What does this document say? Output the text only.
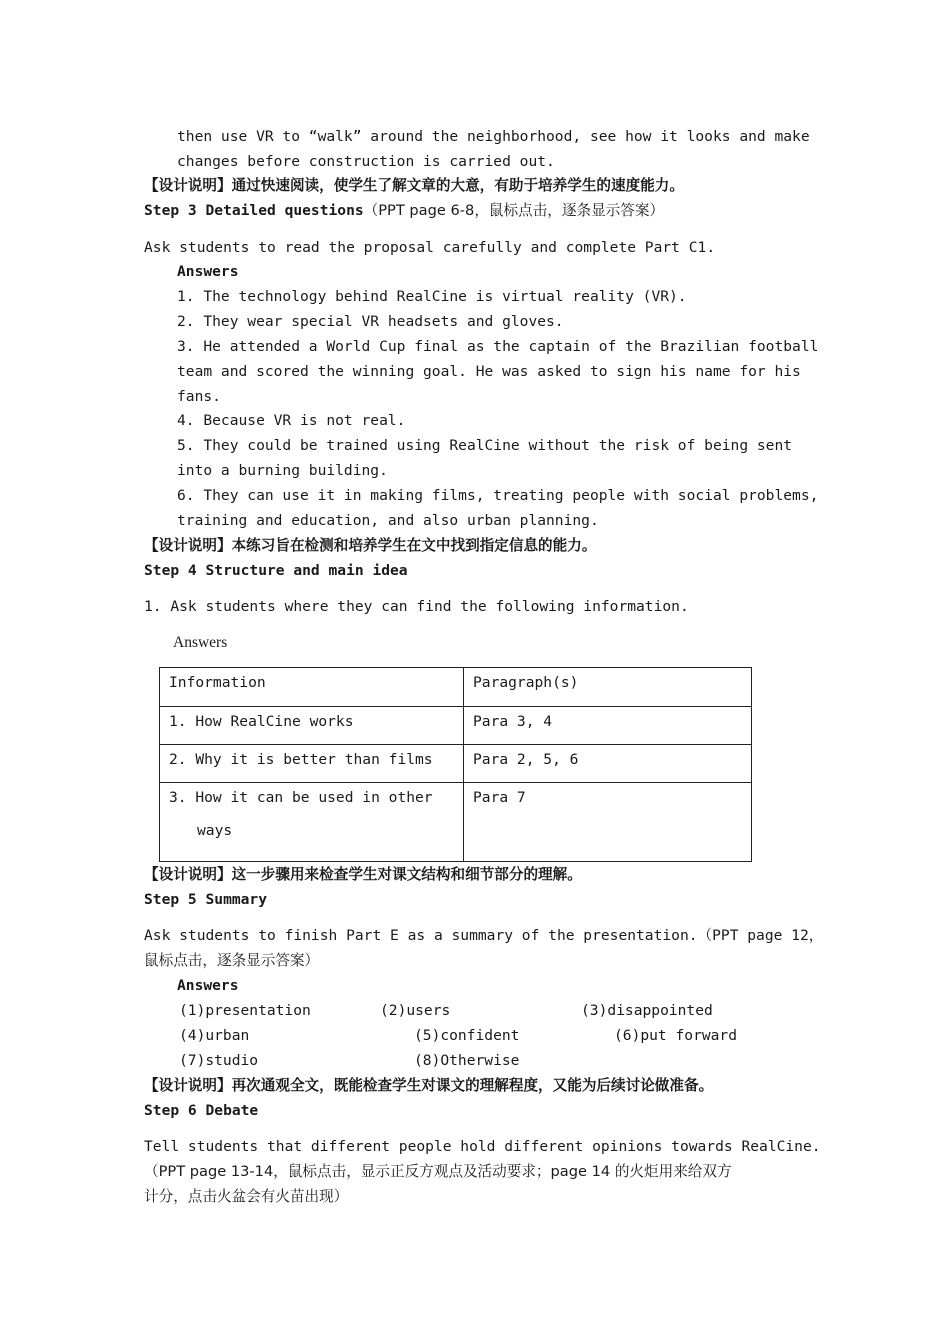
then use VR to “walk” around the neighborhood, see how it looks and make
changes before construction is carried out.
【设计说明】通过快速阅读，使学生了解文章的大意，有助于培养学生的速度能力。
Step 3 Detailed questions（PPT page 6-8，鼠标点击，逐条显示答案）
Ask students to read the proposal carefully and complete Part C1.
Answers
1. The technology behind RealCine is virtual reality (VR).
2. They wear special VR headsets and gloves.
3. He attended a World Cup final as the captain of the Brazilian football
team and scored the winning goal. He was asked to sign his name for his
fans.
4. Because VR is not real.
5. They could be trained using RealCine without the risk of being sent
into a burning building.
6. They can use it in making films, treating people with social problems,
training and education, and also urban planning.
【设计说明】本练习旨在检测和培养学生在文中找到指定信息的能力。
Step 4 Structure and main idea
1. Ask students where they can find the following information.
Answers
Information	Paragraph(s)
1. How RealCine works	Para 3, 4
2. Why it is better than films	Para 2, 5, 6
3. How it can be used in other
ways	Para 7
【设计说明】这一步骤用来检查学生对课文结构和细节部分的理解。
Step 5 Summary
Ask students to finish Part E as a summary of the presentation.（PPT page 12，
鼠标点击，逐条显示答案）
Answers
(1)presentation	(2)users	(3)disappointed
(4)urban	(5)confident	(6)put forward
(7)studio	(8)Otherwise
【设计说明】再次通观全文，既能检查学生对课文的理解程度，又能为后续讨论做准备。
Step 6 Debate
Tell students that different people hold different opinions towards RealCine.
（PPT page 13-14，鼠标点击，显示正反方观点及活动要求；page 14 的火炬用来给双方
计分，点击火盆会有火苗出现）
